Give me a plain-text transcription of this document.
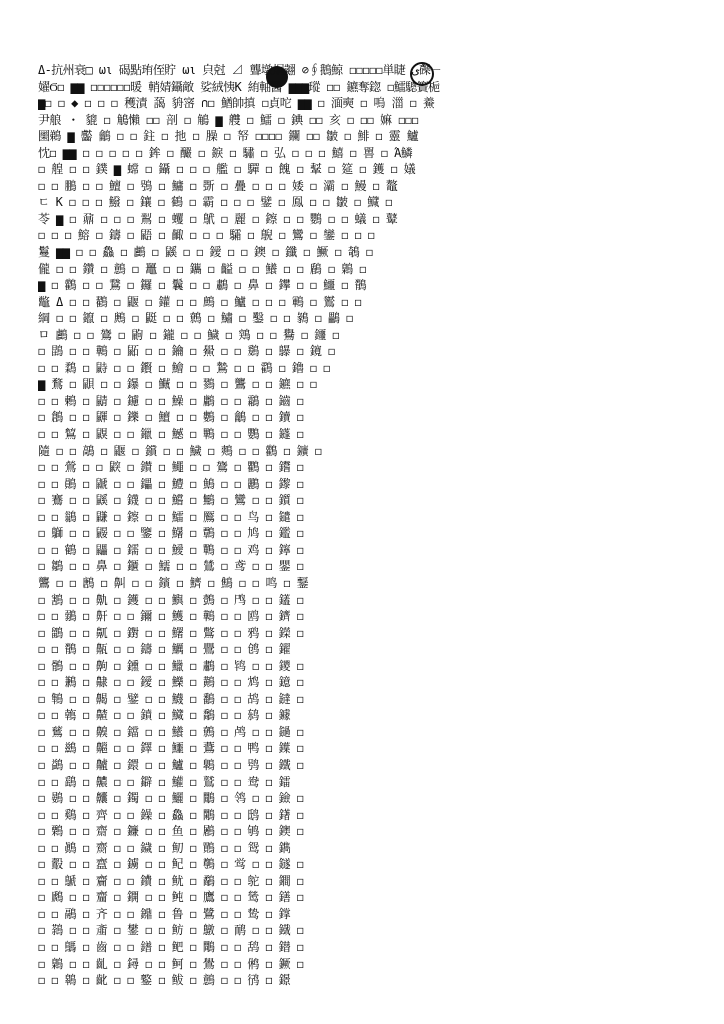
Δ-抗州衰□ ωι 碣點珛侄貯 ωι 㒵尅 ⊿ 聾墩炯翽 ⊘∮鵝鯨 ◻◻◻◻◻単睫 ی‎ٌ礫ㄧ
嬥Ϭ◻ ▆▆ ◻◻◻◻◻◻暖 輎婧鑷敵 娑絨恞К 絠軸醫 ▆▆▆瑽 ◻◻ 鑣奪鍃 ◻鱩驄簣梔
▆◻ ◻ ◆ ◻ ◻ ◻ 穫漬 藹 貈宻 ∩◻ 鰌帥搷 ◻貞咜 ▆▆ ◻ 湎奭 ◻ 嗚 湽 ◻ 鯗
尹艆 ・ 貔 ◻ 鵤懶 ◻◻ 剖 ◻ 鵤 ▆ 艭 ◻ 鱩 ◻ 錪 ◻◻ 亥 ◻ ◻◻ 嫲 ◻◻◻
圞鵜 ▆ 齾 鸙 ◻ ◻ 鉒 ◻ 扡 ◻ 臊 ◻ 帑 ◻◻◻◻ 鑭 ◻◻ 皺 ◻ 鯡 ◻ 靈 鱸
忱◻ ▆▆ ◻ ◻ ◻ ◻ ◻ 鉾 ◻ 釅 ◻ 錑 ◻ 驌 ◻ 弘 ◻ ◻ ◻ 鱚 ◻ 嘼 ◻ Ά鱗
◻ 艎 ◻ ◻ 鏷 ▆ 蟐 ◻ 鑷 ◻ ◻ ◻ 艦 ◻ 驒 ◻ 餽 ◻ 鞤 ◻ 筵 ◻ 鑊 ◻ 嬟
◻ ◻ 鵬 ◻ ◻ 鱣 ◻ 鴞 ◻ 鱅 ◻ 斲 ◻ 疊 ◻ ◻ ◻ 婑 ◻ 灞 ◻ 鰻 ◻ 鼇
ㄷ K ◻ ◻ ◻ 鱍 ◻ 鑲 ◻ 鶴 ◻ 霸 ◻ ◻ ◻ 鐾 ◻ 鳯 ◻ ◻ 皺 ◻ 鱵 ◻
苓 ▆ ◻ 鼐 ◻ ◻ ◻ 鵥 ◻ 蠼 ◻ 鴏 ◻ 麗 ◻ 鑔 ◻ ◻ 鸚 ◻ ◻ 蟻 ◻ 鼙
◻ ◻ ◻ 鰫 ◻ 鑄 ◻ 鼯 ◻ 齱 ◻ ◻ ◻ 驦 ◻ 鶃 ◻ 鸞 ◻ 鑾 ◻ ◻ ◻
鬘 ▆▆ ◻ ◻ 鱻 ◻ 鸕 ◻ 鼷 ◻ ◻ 鑀 ◻ ◻ 鐭 ◻ 鑯 ◻ 鱖 ◻ 鵸 ◻
儱 ◻ ◻ 鑽 ◻ 鷾 ◻ 鼉 ◻ ◻ 鑴 ◻ 齸 ◻ ◻ 鱶 ◻ ◻ 鶞 ◻ 鷍 ◻
▆ ◻ 鸛 ◻ ◻ 鵞 ◻ 鑼 ◻ 鬤 ◻ ◻ 鷫 ◻ 鼻 ◻ 鑻 ◻ ◻ 鱷 ◻ 鶺
鼈 Δ ◻ ◻ 鸐 ◻ 鼴 ◻ 鑵 ◻ ◻ 鷓 ◻ 鱸 ◻ ◻ ◻ 鶤 ◻ 鸑 ◻ ◻
綱 ◻ ◻ 鑹 ◻ 鶊 ◻ 鼮 ◻ ◻ 鷯 ◻ 鱐 ◻ 鑿 ◻ ◻ 鶨 ◻ 鸓 ◻
ㅁ 鸕 ◻ ◻ 鷟 ◻ 鼩 ◻ 鑨 ◻ ◻ 鱥 ◻ 鶟 ◻ ◻ 鸒 ◻ 鑩 ◻
◻ 鵾 ◻ ◻ 鷨 ◻ 鼫 ◻ ◻ 鑰 ◻ 鱟 ◻ ◻ 鶢 ◻ 鸔 ◻ 鑧 ◻
◻ ◻ 鶔 ◻ 鼭 ◻ ◻ 鑦 ◻ 鱠 ◻ ◻ 鷙 ◻ ◻ 鸖 ◻ 鑥 ◻ ◻
▆ 鶩 ◻ 鼰 ◻ ◻ 鑤 ◻ 鱡 ◻ ◻ 鷚 ◻ 鸗 ◻ ◻ 鑣 ◻ ◻
◻ ◻ 鶫 ◻ 鼱 ◻ 鑢 ◻ ◻ 鱢 ◻ 鷛 ◻ ◻ 鸘 ◻ 鑡 ◻
◻ 鶬 ◻ ◻ 鼲 ◻ 鑠 ◻ 鱣 ◻ ◻ 鷜 ◻ 鸙 ◻ ◻ 鑟 ◻
◻ ◻ 鶭 ◻ 鼳 ◻ ◻ 鑞 ◻ 鱤 ◻ 鷝 ◻ ◻ 鸚 ◻ 鑝 ◻
隨 ◻ ◻ 鶮 ◻ 鼴 ◻ 鑜 ◻ ◻ 鱥 ◻ 鷞 ◻ ◻ 鸛 ◻ 鑛 ◻
◻ ◻ 鶯 ◻ ◻ 鼵 ◻ 鑚 ◻ 鱦 ◻ ◻ 鷟 ◻ 鸜 ◻ 鑙 ◻
◻ ◻ 鶰 ◻ 鼶 ◻ ◻ 鑘 ◻ 鱧 ◻ 鷠 ◻ ◻ 鸝 ◻ 鑗 ◻
◻ 鶱 ◻ ◻ 鼷 ◻ 鑖 ◻ ◻ 鱨 ◻ 鷡 ◻ 鸞 ◻ ◻ 鑕 ◻
◻ ◻ 鶲 ◻ 鼸 ◻ 鑔 ◻ ◻ 鱩 ◻ 鷢 ◻ ◻ 鸟 ◻ 鑓 ◻
◻ 鶳 ◻ ◻ 鼹 ◻ ◻ 鑒 ◻ 鱪 ◻ 鷣 ◻ ◻ 鸠 ◻ 鑑 ◻
◻ ◻ 鶴 ◻ 鼺 ◻ 鑐 ◻ ◻ 鱫 ◻ 鷤 ◻ ◻ 鸡 ◻ 鑏 ◻
◻ 鶵 ◻ ◻ 鼻 ◻ 鑎 ◻ 鱬 ◻ ◻ 鷥 ◻ 鸢 ◻ ◻ 鑍 ◻
鸗 ◻ ◻ 鶶 ◻ 鼼 ◻ ◻ 鑌 ◻ 鱭 ◻ 鷦 ◻ ◻ 鸣 ◻ 鑋
◻ 鶷 ◻ ◻ 鼽 ◻ 鑊 ◻ ◻ 鱮 ◻ 鷧 ◻ 鸤 ◻ ◻ 鑉 ◻
◻ ◻ 鶸 ◻ 鼾 ◻ ◻ 鑈 ◻ 鱯 ◻ 鷨 ◻ ◻ 鸥 ◻ 鑇 ◻
◻ 鶹 ◻ ◻ 鼿 ◻ 鑆 ◻ ◻ 鱰 ◻ 鷩 ◻ ◻ 鸦 ◻ 鑅 ◻
◻ ◻ 鶺 ◻ 齀 ◻ ◻ 鑄 ◻ 鱱 ◻ 鷪 ◻ ◻ 鸧 ◻ 鑃
◻ 鶻 ◻ ◻ 齁 ◻ 鑂 ◻ ◻ 鱲 ◻ 鷫 ◻ 鸨 ◻ ◻ 鑁 ◻
◻ ◻ 鶼 ◻ 齂 ◻ ◻ 鑀 ◻ 鱳 ◻ 鷬 ◻ ◻ 鸩 ◻ 鐿 ◻
◻ 鶽 ◻ ◻ 齃 ◻ 鐾 ◻ ◻ 鱴 ◻ 鷭 ◻ ◻ 鸪 ◻ 鐽 ◻
◻ ◻ 鶾 ◻ 齄 ◻ ◻ 鐼 ◻ 鱵 ◻ 鷮 ◻ ◻ 鸫 ◻ 鐻
◻ 鶿 ◻ ◻ 齅 ◻ 鐺 ◻ ◻ 鱶 ◻ 鷯 ◻ 鸬 ◻ ◻ 鐹 ◻
◻ ◻ 鷀 ◻ 齆 ◻ ◻ 鐸 ◻ 鱷 ◻ 鷰 ◻ ◻ 鸭 ◻ 鐷 ◻
◻ 鷁 ◻ ◻ 齇 ◻ 鐶 ◻ ◻ 鱸 ◻ 鷱 ◻ ◻ 鸮 ◻ 鐵 ◻
◻ ◻ 鷂 ◻ 齈 ◻ ◻ 鐴 ◻ 鱹 ◻ 鷲 ◻ ◻ 鸯 ◻ 鐳
◻ 鷃 ◻ ◻ 齉 ◻ 鐲 ◻ ◻ 鱺 ◻ 鷳 ◻ 鸰 ◻ ◻ 鐱 ◻
◻ ◻ 鷄 ◻ 齊 ◻ ◻ 鐰 ◻ 鱻 ◻ 鷴 ◻ ◻ 鸱 ◻ 鐯 ◻
◻ 鷅 ◻ ◻ 齋 ◻ 鐮 ◻ ◻ 鱼 ◻ 鷵 ◻ ◻ 鸲 ◻ 鐭 ◻
◻ ◻ 鷆 ◻ 齌 ◻ ◻ 鐬 ◻ 鱽 ◻ 鷶 ◻ ◻ 鸳 ◻ 鐫
◻ 鷇 ◻ ◻ 齍 ◻ 鐪 ◻ ◻ 鱾 ◻ 鷷 ◻ 鸴 ◻ ◻ 鐩 ◻
◻ ◻ 鷈 ◻ 齎 ◻ ◻ 鐨 ◻ 鱿 ◻ 鷸 ◻ ◻ 鸵 ◻ 鐧 ◻
◻ 鷉 ◻ ◻ 齏 ◻ 鐦 ◻ ◻ 鲀 ◻ 鷹 ◻ ◻ 鸶 ◻ 鐥 ◻
◻ ◻ 鷊 ◻ 齐 ◻ ◻ 鐤 ◻ 鲁 ◻ 鷺 ◻ ◻ 鸷 ◻ 鐣
◻ 鷋 ◻ ◻ 齑 ◻ 鐢 ◻ ◻ 鲂 ◻ 鷻 ◻ 鸸 ◻ ◻ 鐡 ◻
◻ ◻ 鷌 ◻ 齒 ◻ ◻ 鐠 ◻ 鲃 ◻ 鷼 ◻ ◻ 鸹 ◻ 鐟 ◻
◻ 鷍 ◻ ◻ 齓 ◻ 鐞 ◻ ◻ 鲄 ◻ 鷽 ◻ ◻ 鸺 ◻ 鐝 ◻
◻ ◻ 鷎 ◻ 齔 ◻ ◻ 鐜 ◻ 鲅 ◻ 鷾 ◻ ◻ 鸻 ◻ 鐛
